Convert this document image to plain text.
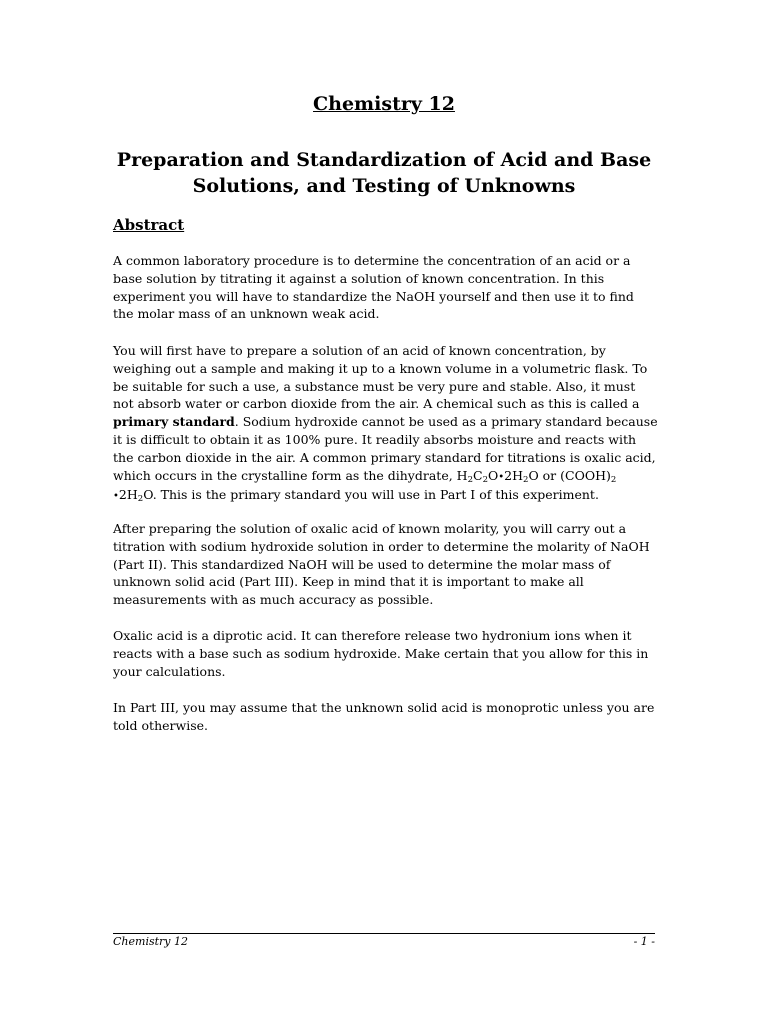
Chemistry 12
Preparation and Standardization of Acid and Base
Solutions, and Testing of Unknowns
Abstract
A common laboratory procedure is to determine the concentration of an acid or a base solution by titrating it against a solution of known concentration. In this experiment you will have to standardize the NaOH yourself and then use it to find the molar mass of an unknown weak acid.
You will first have to prepare a solution of an acid of known concentration, by weighing out a sample and making it up to a known volume in a volumetric flask. To be suitable for such a use, a substance must be very pure and stable. Also, it must not absorb water or carbon dioxide from the air. A chemical such as this is called a primary standard. Sodium hydroxide cannot be used as a primary standard because it is difficult to obtain it as 100% pure. It readily absorbs moisture and reacts with the carbon dioxide in the air. A common primary standard for titrations is oxalic acid, which occurs in the crystalline form as the dihydrate, $H_2C_2O•2H_2O$ or $(COOH)_2$ $•2H_2O$. This is the primary standard you will use in Part I of this experiment.
After preparing the solution of oxalic acid of known molarity, you will carry out a titration with sodium hydroxide solution in order to determine the molarity of NaOH (Part II). This standardized NaOH will be used to determine the molar mass of unknown solid acid (Part III). Keep in mind that it is important to make all measurements with as much accuracy as possible.
Oxalic acid is a diprotic acid. It can therefore release two hydronium ions when it reacts with a base such as sodium hydroxide. Make certain that you allow for this in your calculations.
In Part III, you may assume that the unknown solid acid is monoprotic unless you are told otherwise.
Chemistry 12	- 1 -
